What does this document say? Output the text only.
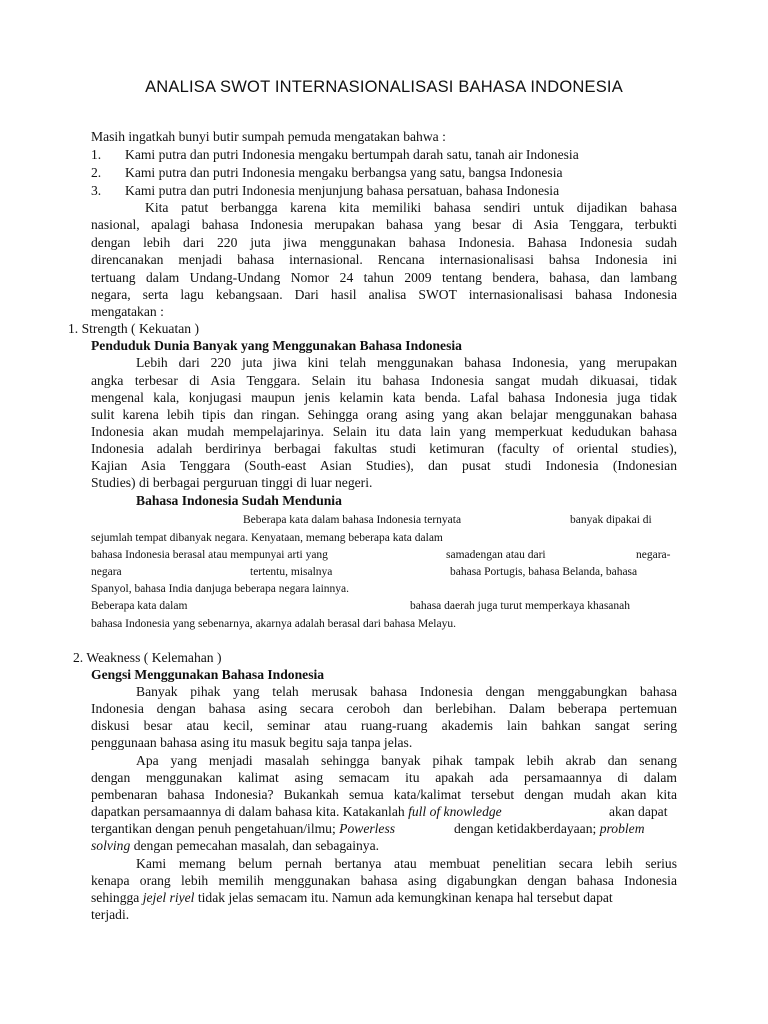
ANALISA SWOT INTERNASIONALISASI BAHASA INDONESIA
Masih ingatkah bunyi butir sumpah pemuda mengatakan bahwa :
1. Kami putra dan putri Indonesia mengaku bertumpah darah satu, tanah air Indonesia
2. Kami putra dan putri Indonesia mengaku berbangsa yang satu, bangsa Indonesia
3. Kami putra dan putri Indonesia menjunjung bahasa persatuan, bahasa Indonesia
Kita patut berbangga karena kita memiliki bahasa sendiri untuk dijadikan bahasa
nasional, apalagi bahasa Indonesia merupakan bahasa yang besar di Asia Tenggara, terbukti
dengan lebih dari 220 juta jiwa menggunakan bahasa Indonesia. Bahasa Indonesia sudah
direncanakan menjadi bahasa internasional. Rencana internasionalisasi bahsa Indonesia ini
tertuang dalam Undang-Undang Nomor 24 tahun 2009 tentang bendera, bahasa, dan lambang
negara, serta lagu kebangsaan. Dari hasil analisa SWOT internasionalisasi bahasa Indonesia
mengatakan :
1. Strength ( Kekuatan )
Penduduk Dunia Banyak yang Menggunakan Bahasa Indonesia
Lebih dari 220 juta jiwa kini telah menggunakan bahasa Indonesia, yang merupakan
angka terbesar di Asia Tenggara. Selain itu bahasa Indonesia sangat mudah dikuasai, tidak
mengenal kala, konjugasi maupun jenis kelamin kata benda. Lafal bahasa Indonesia juga tidak
sulit karena lebih tipis dan ringan. Sehingga orang asing yang akan belajar menggunakan bahasa
Indonesia akan mudah mempelajarinya. Selain itu data lain yang memperkuat kedudukan bahasa
Indonesia adalah berdirinya berbagai fakultas studi ketimuran (faculty of oriental studies),
Kajian Asia Tenggara (South-east Asian Studies), dan pusat studi Indonesia (Indonesian
Studies) di berbagai perguruan tinggi di luar negeri.
Bahasa Indonesia Sudah Mendunia
Beberapa kata dalam bahasa Indonesia ternyata	banyak dipakai di
sejumlah tempat dibanyak negara. Kenyataan, memang beberapa kata dalam
bahasa Indonesia berasal atau mempunyai arti yang	samadengan atau dari	negara-
negara	tertentu, misalnya	bahasa Portugis, bahasa Belanda, bahasa
Spanyol, bahasa India danjuga beberapa negara lainnya.
Beberapa kata dalam	bahasa daerah juga turut memperkaya khasanah
bahasa Indonesia yang sebenarnya, akarnya adalah berasal dari bahasa Melayu.
2. Weakness ( Kelemahan )
Gengsi Menggunakan Bahasa Indonesia
Banyak pihak yang telah merusak bahasa Indonesia dengan menggabungkan bahasa
Indonesia dengan bahasa asing secara ceroboh dan berlebihan. Dalam beberapa pertemuan
diskusi besar atau kecil, seminar atau ruang-ruang akademis lain bahkan sangat sering
penggunaan bahasa asing itu masuk begitu saja tanpa jelas.
Apa yang menjadi masalah sehingga banyak pihak tampak lebih akrab dan senang
dengan menggunakan kalimat asing semacam itu apakah ada persamaannya di dalam
pembenaran bahasa Indonesia? Bukankah semua kata/kalimat tersebut dengan mudah akan kita
dapatkan persamaannya di dalam bahasa kita. Katakanlah full of knowledge	akan dapat
tergantikan dengan penuh pengetahuan/ilmu; Powerless	dengan ketidakberdayaan; problem
solving dengan pemecahan masalah, dan sebagainya.
Kami memang belum pernah bertanya atau membuat penelitian secara lebih serius
kenapa orang lebih memilih menggunakan bahasa asing digabungkan dengan bahasa Indonesia
sehingga jejel riyel tidak jelas semacam itu. Namun ada kemungkinan kenapa hal tersebut dapat
terjadi.
